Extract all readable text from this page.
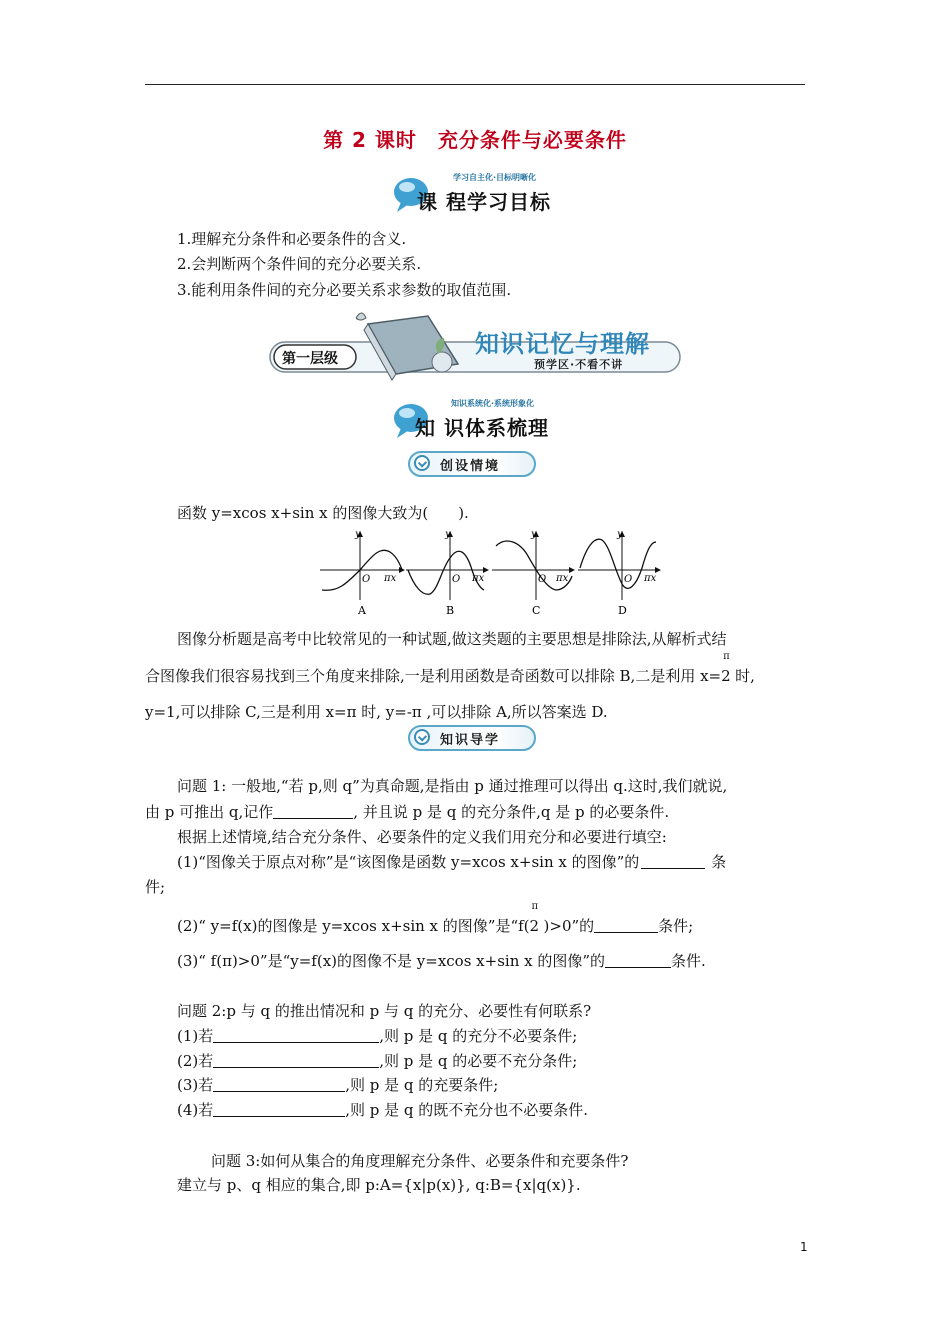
第 2 课时　充分条件与必要条件
学习自主化·目标明晰化
课 程学习目标
1.理解充分条件和必要条件的含义.
2.会判断两个条件间的充分必要关系.
3.能利用条件间的充分必要关系求参数的取值范围.
第一层级
知识记忆与理解
预学区·不看不讲
知识系统化·系统形象化
知 识体系梳理
创设情境
函数 y=xcos x+sin x 的图像大致为(　　).
y	y	y	y
O	O	O	O
πx	πx	πx	πx
A	B	C	D
图像分析题是高考中比较常见的一种试题,做这类题的主要思想是排除法,从解析式结
合图像我们很容易找到三个角度来排除,一是利用函数是奇函数可以排除 B,二是利用 x=
π
2 时,
y=1,可以排除 C,三是利用 x=π 时, y=-π ,可以排除 A,所以答案选 D.
知识导学
问题 1: 一般地,“若 p,则 q”为真命题,是指由 p 通过推理可以得出 q.这时,我们就说,
由 p 可推出 q,记作	, 并且说 p 是 q 的充分条件,q 是 p 的必要条件.
根据上述情境,结合充分条件、必要条件的定义我们用充分和必要进行填空:
(1)“图像关于原点对称”是“该图像是函数 y=xcos x+sin x 的图像”的	条
件;
(2)“ y=f(x)的图像是 y=xcos x+sin x 的图像”是“f(
π
2 )>0”的	条件;
(3)“ f(π)>0”是“y=f(x)的图像不是 y=xcos x+sin x 的图像”的	条件.
问题 2:p 与 q 的推出情况和 p 与 q 的充分、必要性有何联系?
(1)若	,则 p 是 q 的充分不必要条件;
(2)若	,则 p 是 q 的必要不充分条件;
(3)若	,则 p 是 q 的充要条件;
(4)若	,则 p 是 q 的既不充分也不必要条件.
问题 3:如何从集合的角度理解充分条件、必要条件和充要条件?
建立与 p、q 相应的集合,即 p:A={x|p(x)}, q:B={x|q(x)}.
1
